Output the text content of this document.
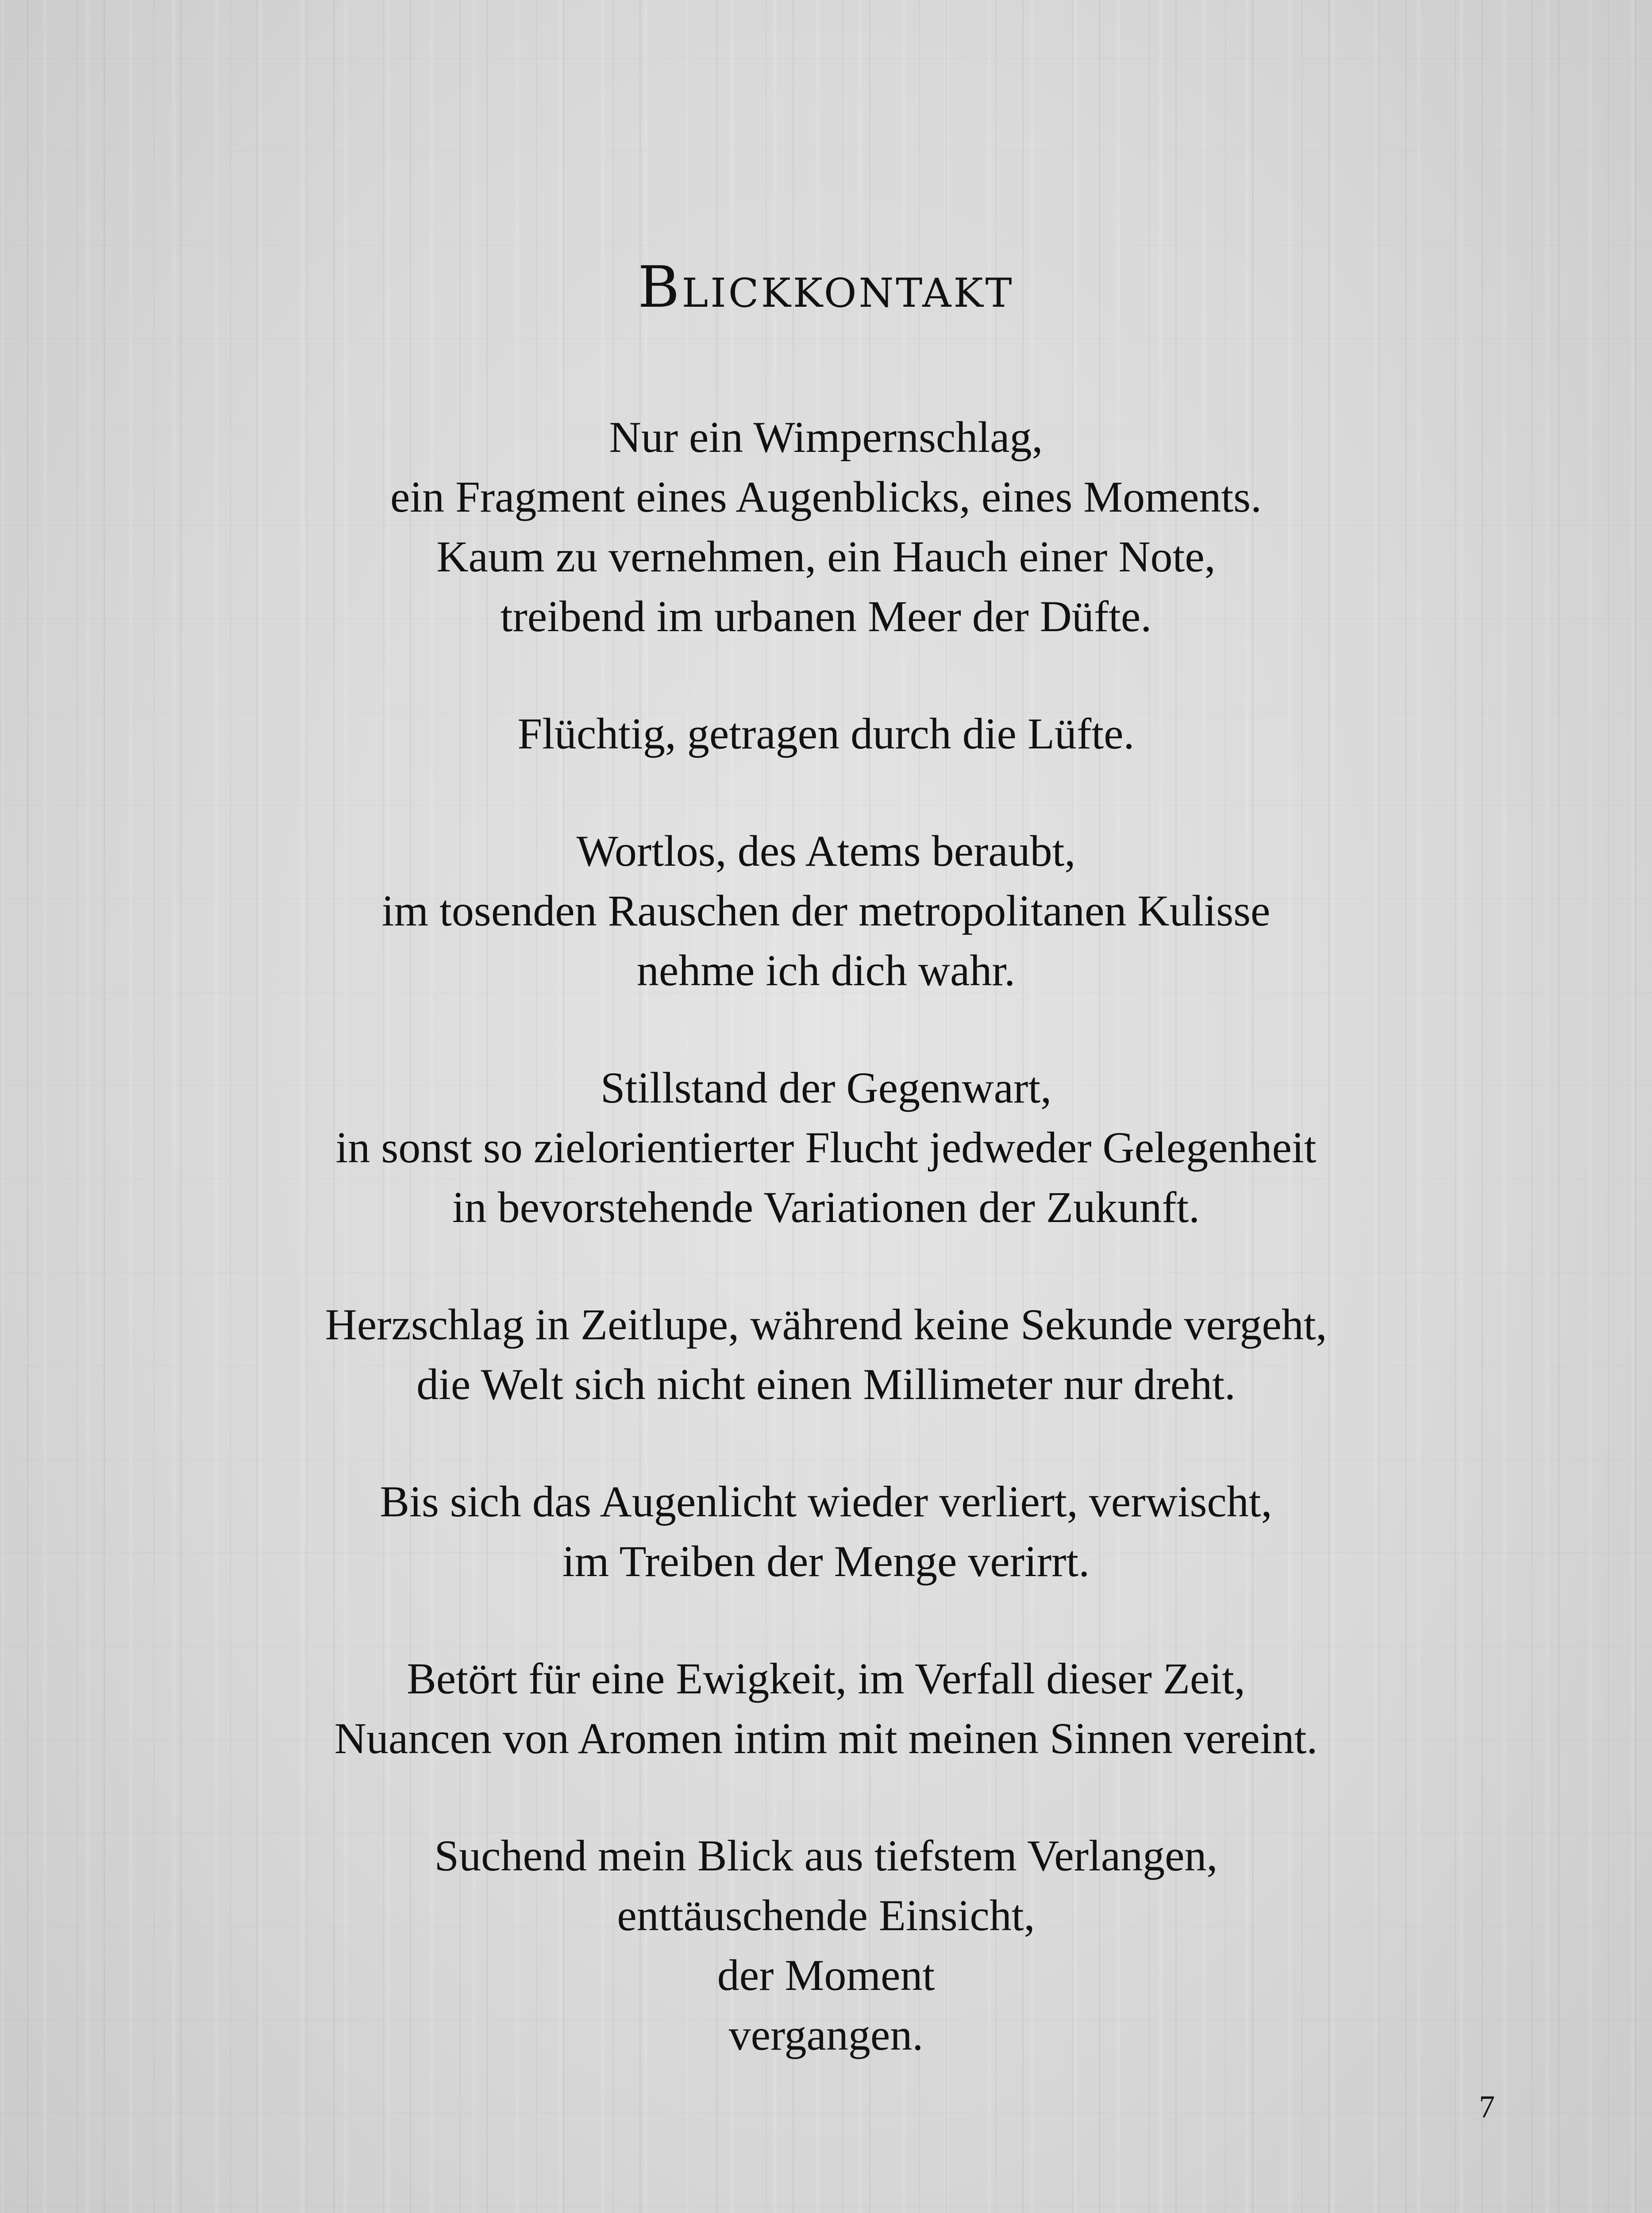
Blickkontakt

Nur ein Wimpernschlag,
ein Fragment eines Augenblicks, eines Moments.
Kaum zu vernehmen, ein Hauch einer Note,
treibend im urbanen Meer der Düfte.

Flüchtig, getragen durch die Lüfte.

Wortlos, des Atems beraubt,
im tosenden Rauschen der metropolitanen Kulisse
nehme ich dich wahr.

Stillstand der Gegenwart,
in sonst so zielorientierter Flucht jedweder Gelegenheit
in bevorstehende Variationen der Zukunft.

Herzschlag in Zeitlupe, während keine Sekunde vergeht,
die Welt sich nicht einen Millimeter nur dreht.

Bis sich das Augenlicht wieder verliert, verwischt,
im Treiben der Menge verirrt.

Betört für eine Ewigkeit, im Verfall dieser Zeit,
Nuancen von Aromen intim mit meinen Sinnen vereint.

Suchend mein Blick aus tiefstem Verlangen,
enttäuschende Einsicht,
der Moment
vergangen.

7
